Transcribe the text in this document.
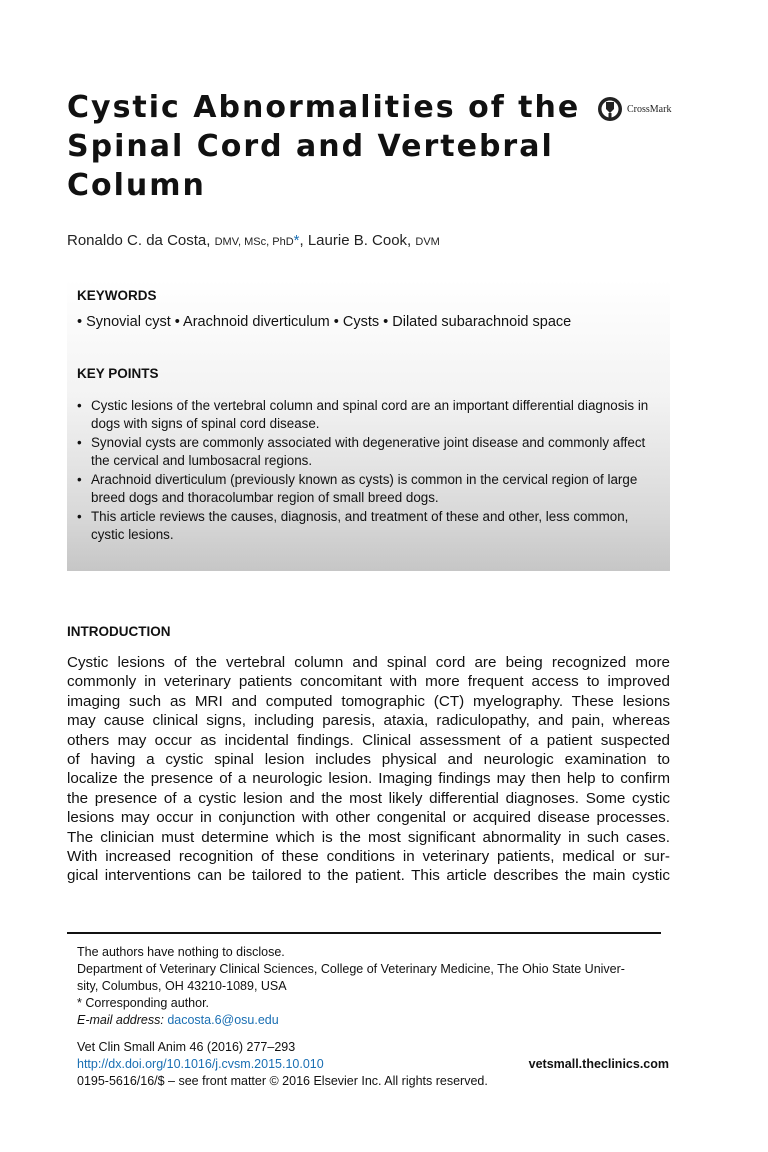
Cystic Abnormalities of the
Spinal Cord and Vertebral
Column
CrossMark
Ronaldo C. da Costa, DMV, MSc, PhD*, Laurie B. Cook, DVM
KEYWORDS
• Synovial cyst • Arachnoid diverticulum • Cysts • Dilated subarachnoid space
KEY POINTS
• Cystic lesions of the vertebral column and spinal cord are an important differential diagnosis in dogs with signs of spinal cord disease.
• Synovial cysts are commonly associated with degenerative joint disease and commonly affect the cervical and lumbosacral regions.
• Arachnoid diverticulum (previously known as cysts) is common in the cervical region of large breed dogs and thoracolumbar region of small breed dogs.
• This article reviews the causes, diagnosis, and treatment of these and other, less common, cystic lesions.
INTRODUCTION
Cystic lesions of the vertebral column and spinal cord are being recognized more
commonly in veterinary patients concomitant with more frequent access to improved
imaging such as MRI and computed tomographic (CT) myelography. These lesions
may cause clinical signs, including paresis, ataxia, radiculopathy, and pain, whereas
others may occur as incidental findings. Clinical assessment of a patient suspected
of having a cystic spinal lesion includes physical and neurologic examination to
localize the presence of a neurologic lesion. Imaging findings may then help to confirm
the presence of a cystic lesion and the most likely differential diagnoses. Some cystic
lesions may occur in conjunction with other congenital or acquired disease processes.
The clinician must determine which is the most significant abnormality in such cases.
With increased recognition of these conditions in veterinary patients, medical or sur-
gical interventions can be tailored to the patient. This article describes the main cystic
The authors have nothing to disclose.
Department of Veterinary Clinical Sciences, College of Veterinary Medicine, The Ohio State Univer-
sity, Columbus, OH 43210-1089, USA
* Corresponding author.
E-mail address: dacosta.6@osu.edu
Vet Clin Small Anim 46 (2016) 277–293
http://dx.doi.org/10.1016/j.cvsm.2015.10.010
0195-5616/16/$ – see front matter © 2016 Elsevier Inc. All rights reserved.
vetsmall.theclinics.com
